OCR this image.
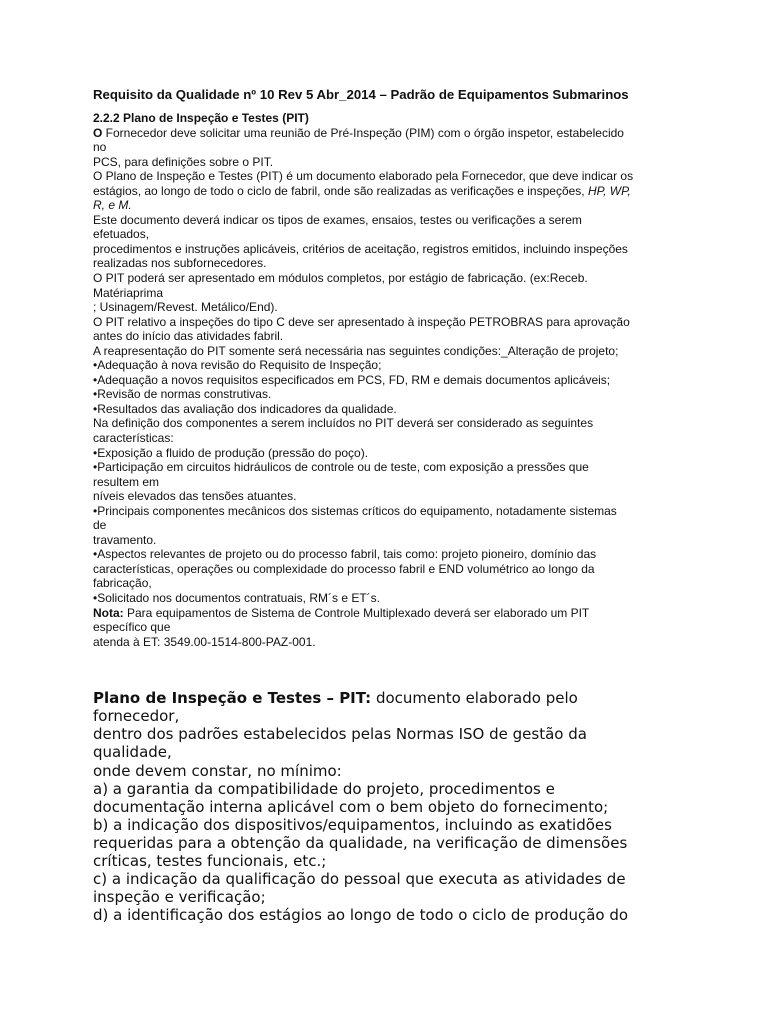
Requisito da Qualidade nº 10 Rev 5 Abr_2014 – Padrão de Equipamentos Submarinos
2.2.2 Plano de Inspeção e Testes (PIT)
O Fornecedor deve solicitar uma reunião de Pré-Inspeção (PIM) com o órgão inspetor, estabelecido
no
PCS, para definições sobre o PIT.
O Plano de Inspeção e Testes (PIT) é um documento elaborado pela Fornecedor, que deve indicar os
estágios, ao longo de todo o ciclo de fabril, onde são realizadas as verificações e inspeções, HP, WP,
R, e M.
Este documento deverá indicar os tipos de exames, ensaios, testes ou verificações a serem
efetuados,
procedimentos e instruções aplicáveis, critérios de aceitação, registros emitidos, incluindo inspeções
realizadas nos subfornecedores.
O PIT poderá ser apresentado em módulos completos, por estágio de fabricação. (ex:Receb.
Matériaprima
; Usinagem/Revest. Metálico/End).
O PIT relativo a inspeções do tipo C deve ser apresentado à inspeção PETROBRAS para aprovação
antes do início das atividades fabril.
A reapresentação do PIT somente será necessária nas seguintes condições:_Alteração de projeto;
•Adequação à nova revisão do Requisito de Inspeção;
•Adequação a novos requisitos especificados em PCS, FD, RM e demais documentos aplicáveis;
•Revisão de normas construtivas.
•Resultados das avaliação dos indicadores da qualidade.
Na definição dos componentes a serem incluídos no PIT deverá ser considerado as seguintes
características:
•Exposição a fluido de produção (pressão do poço).
•Participação em circuitos hidráulicos de controle ou de teste, com exposição a pressões que
resultem em
níveis elevados das tensões atuantes.
•Principais componentes mecânicos dos sistemas críticos do equipamento, notadamente sistemas
de
travamento.
•Aspectos relevantes de projeto ou do processo fabril, tais como: projeto pioneiro, domínio das
características, operações ou complexidade do processo fabril e END volumétrico ao longo da
fabricação,
•Solicitado nos documentos contratuais, RM´s e ET´s.
Nota: Para equipamentos de Sistema de Controle Multiplexado deverá ser elaborado um PIT
específico que
atenda à ET: 3549.00-1514-800-PAZ-001.
Plano de Inspeção e Testes – PIT: documento elaborado pelo
fornecedor,
dentro dos padrões estabelecidos pelas Normas ISO de gestão da
qualidade,
onde devem constar, no mínimo:
a) a garantia da compatibilidade do projeto, procedimentos e
documentação interna aplicável com o bem objeto do fornecimento;
b) a indicação dos dispositivos/equipamentos, incluindo as exatidões
requeridas para a obtenção da qualidade, na verificação de dimensões
críticas, testes funcionais, etc.;
c) a indicação da qualificação do pessoal que executa as atividades de
inspeção e verificação;
d) a identificação dos estágios ao longo de todo o ciclo de produção do
